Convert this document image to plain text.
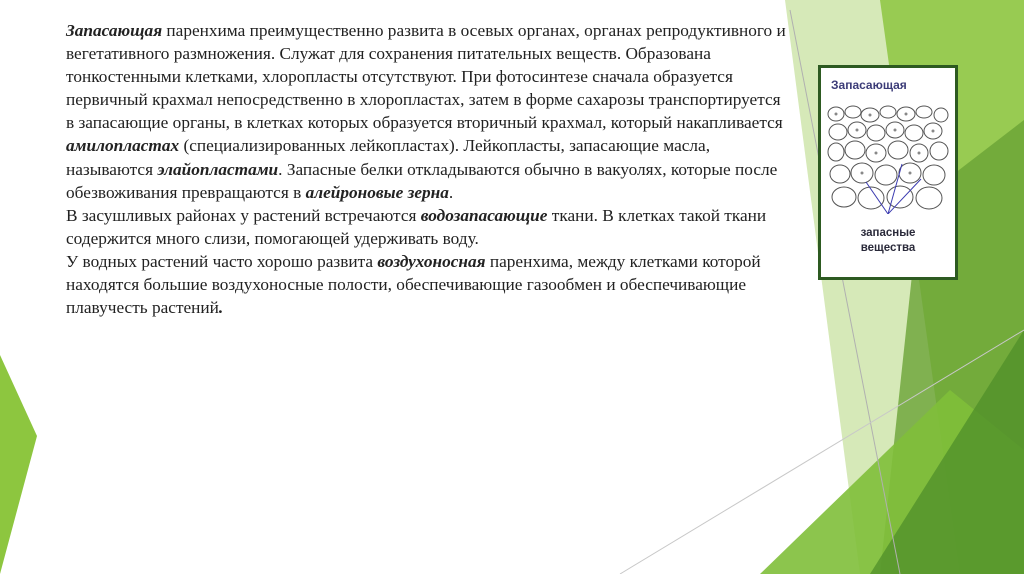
Запасающая паренхима преимущественно развита в осевых органах, органах репродуктивного и вегетативного размножения. Служат для сохранения питательных веществ. Образована тонкостенными клетками, хлоропласты отсутствуют. При фотосинтезе сначала образуется первичный крахмал непосредственно в хлоропластах, затем в форме сахарозы транспортируется в запасающие органы, в клетках которых образуется вторичный крахмал, который накапливается амилопластах (специализированных лейкопластах). Лейкопласты, запасающие масла, называются элайопластами. Запасные белки откладываются обычно в вакуолях, которые после обезвоживания превращаются в алейроновые зерна.

В засушливых районах у растений встречаются водозапасающие ткани. В клетках такой ткани содержится много слизи, помогающей удерживать воду.

У водных растений часто хорошо развита воздухоносная паренхима, между клетками которой находятся большие воздухоносные полости, обеспечивающие газообмен и обеспечивающие плавучесть растений.

Запасающая
запасные
вещества
